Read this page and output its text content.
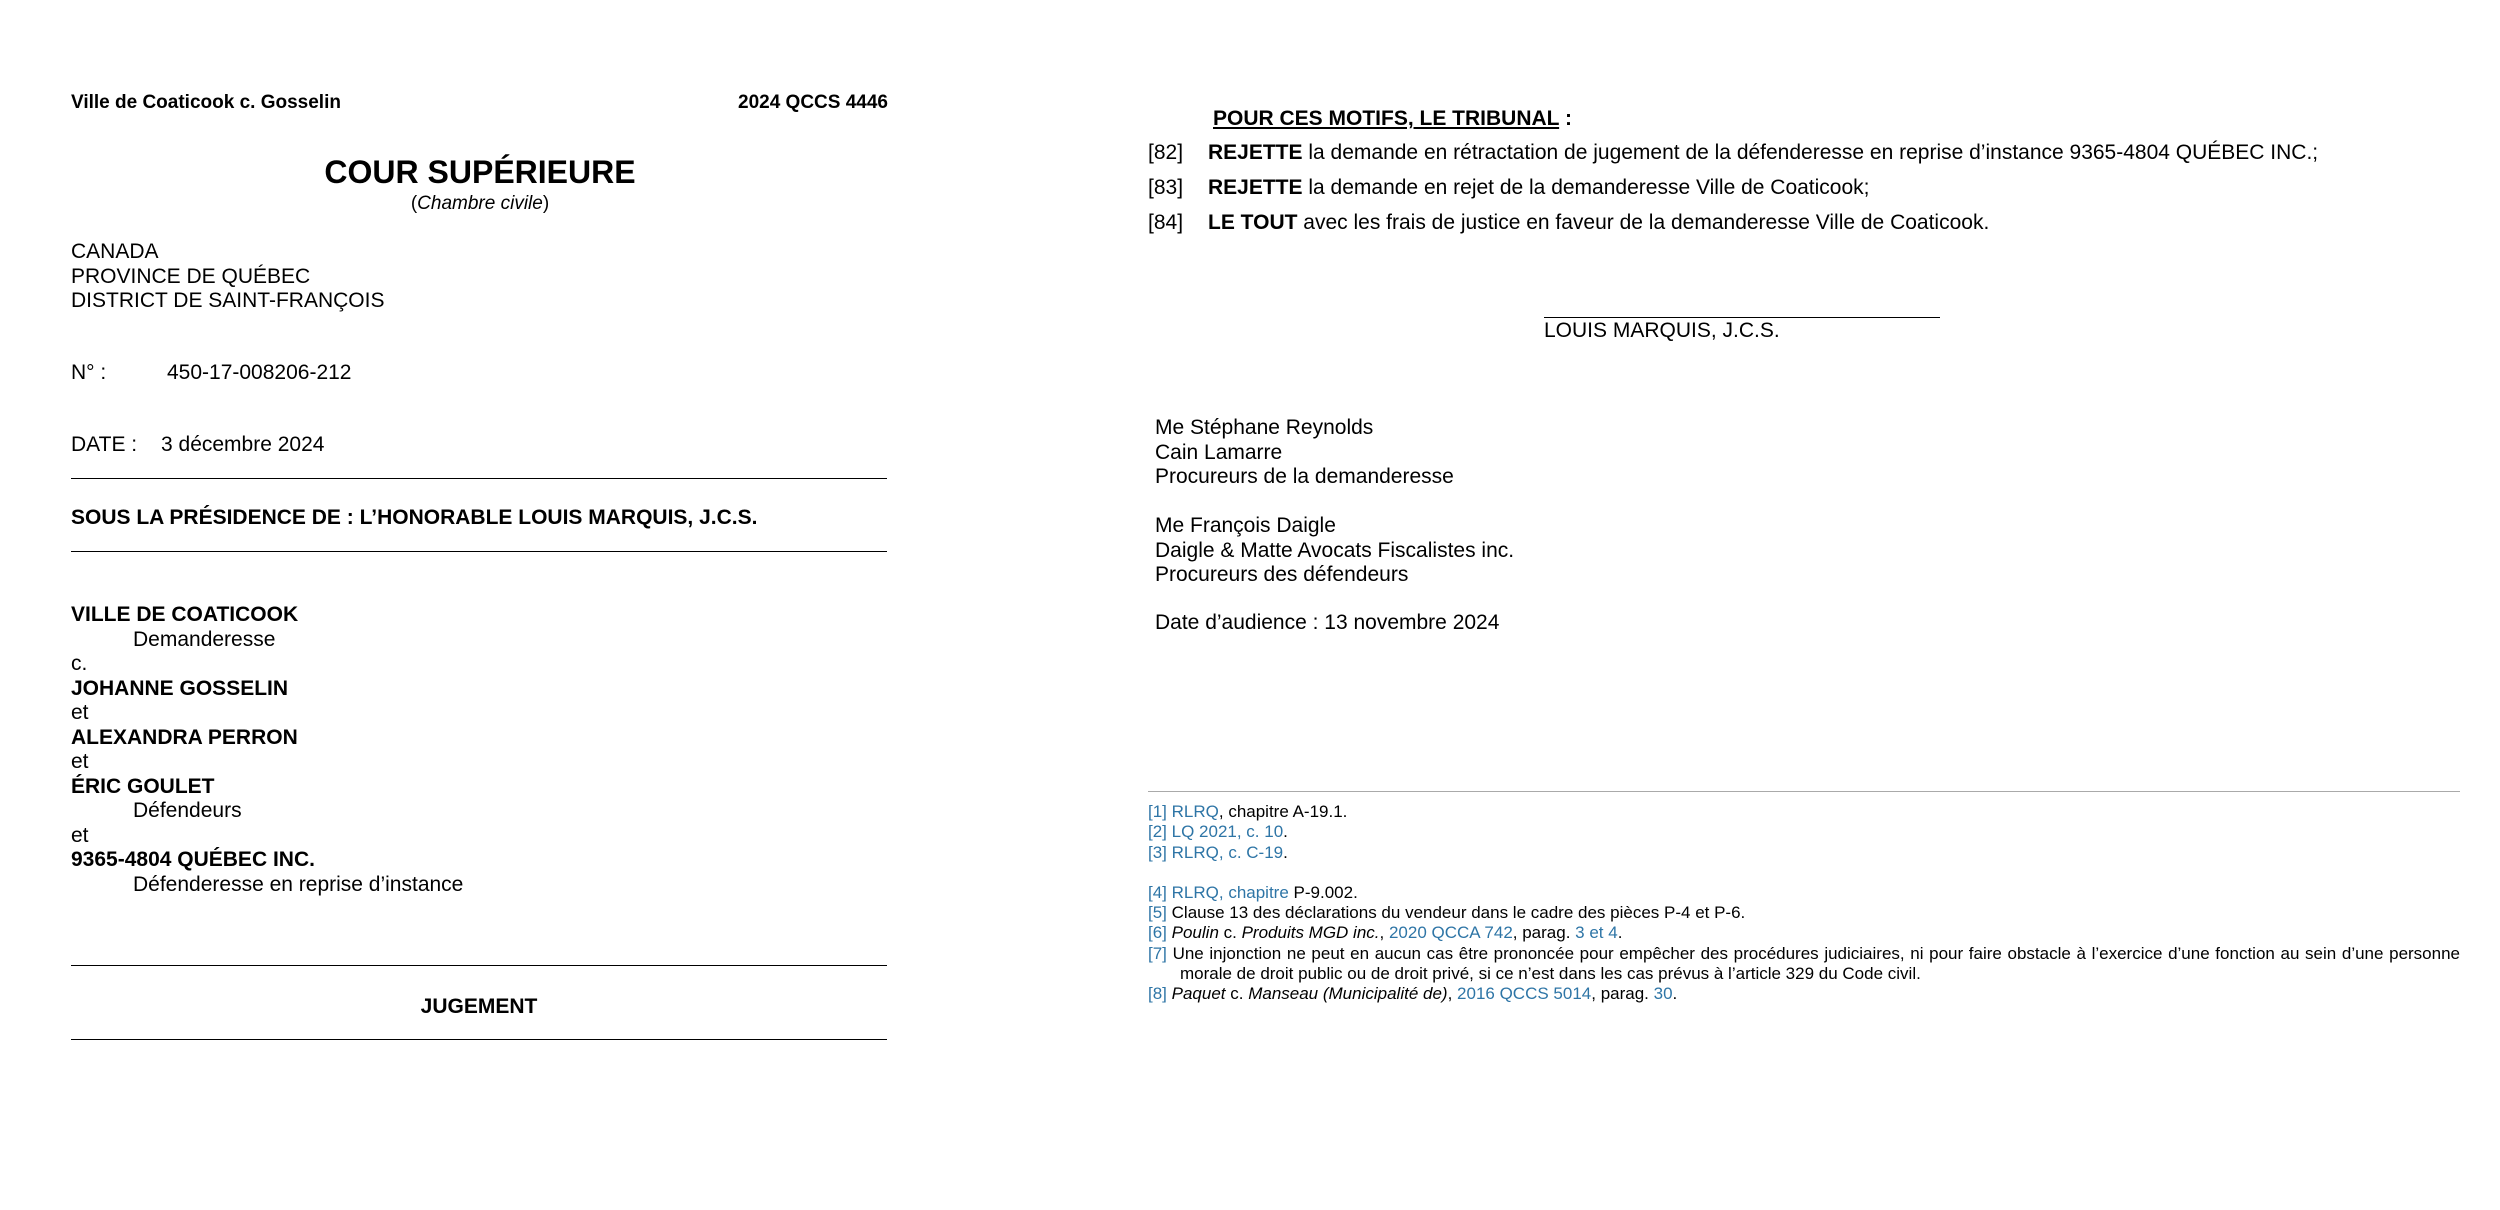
Ville de Coaticook c. Gosselin	2024 QCCS 4446
COUR SUPÉRIEURE
(Chambre civile)
CANADA
PROVINCE DE QUÉBEC
DISTRICT DE SAINT-FRANÇOIS
N° :	450-17-008206-212
DATE : 3 décembre 2024
SOUS LA PRÉSIDENCE DE : L’HONORABLE LOUIS MARQUIS, J.C.S.
VILLE DE COATICOOK
Demanderesse
c.
JOHANNE GOSSELIN
et
ALEXANDRA PERRON
et
ÉRIC GOULET
Défendeurs
et
9365-4804 QUÉBEC INC.
Défenderesse en reprise d’instance
JUGEMENT
POUR CES MOTIFS, LE TRIBUNAL :
[82] REJETTE la demande en rétractation de jugement de la défenderesse en reprise d’instance 9365-4804 QUÉBEC INC.;
[83] REJETTE la demande en rejet de la demanderesse Ville de Coaticook;
[84] LE TOUT avec les frais de justice en faveur de la demanderesse Ville de Coaticook.
LOUIS MARQUIS, J.C.S.
Me Stéphane Reynolds
Cain Lamarre
Procureurs de la demanderesse
Me François Daigle
Daigle & Matte Avocats Fiscalistes inc.
Procureurs des défendeurs
Date d’audience : 13 novembre 2024
[1] RLRQ, chapitre A-19.1.
[2] LQ 2021, c. 10.
[3] RLRQ, c. C-19.
[4] RLRQ, chapitre P-9.002.
[5] Clause 13 des déclarations du vendeur dans le cadre des pièces P-4 et P-6.
[6] Poulin c. Produits MGD inc., 2020 QCCA 742, parag. 3 et 4.
[7] Une injonction ne peut en aucun cas être prononcée pour empêcher des procédures judiciaires, ni pour faire obstacle à l’exercice d’une fonction au sein d’une personne morale de droit public ou de droit privé, si ce n’est dans les cas prévus à l’article 329 du Code civil.
[8] Paquet c. Manseau (Municipalité de), 2016 QCCS 5014, parag. 30.
